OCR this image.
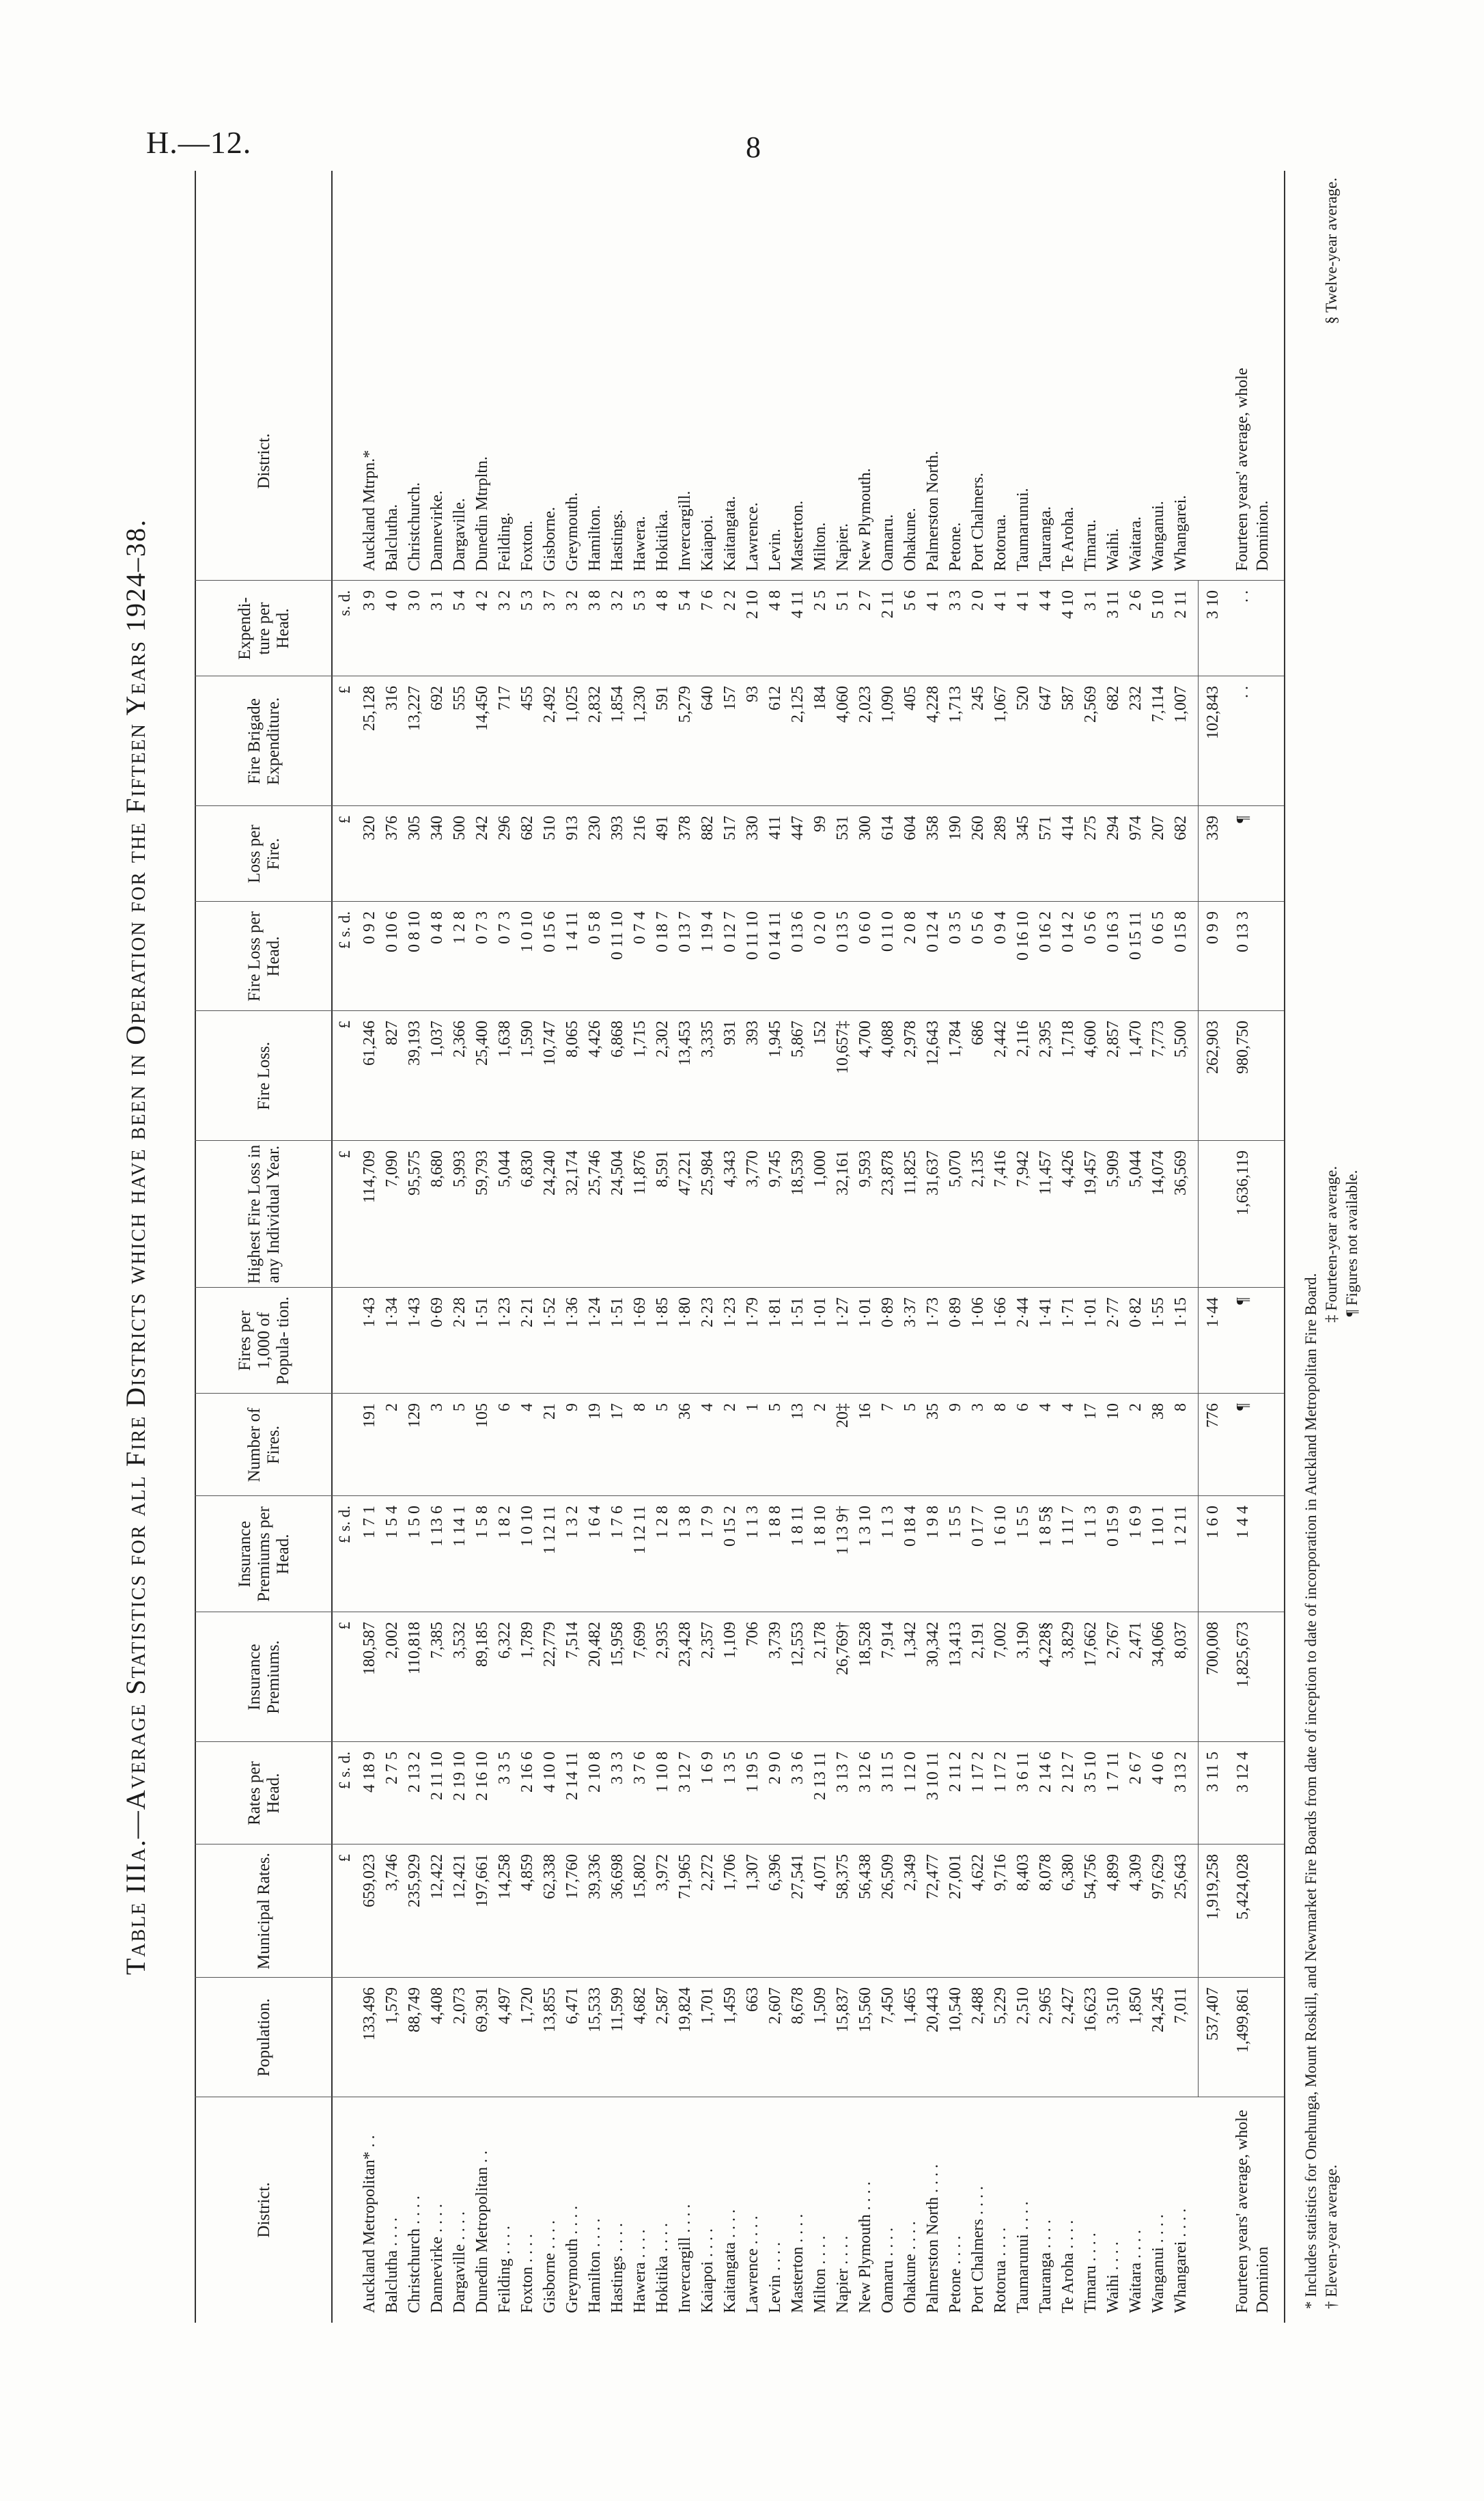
H.—12.	8
Table IIIa.—Average Statistics for all Fire Districts which have been in Operation for the Fifteen Years 1924–38.
District.
Population.
Municipal Rates.
Rates per Head.
Insurance Premiums.
Insurance Premiums per Head.
Number of Fires.
Fires per 1,000 of Popula- tion.
Highest Fire Loss in any Individual Year.
Fire Loss.
Fire Loss per Head.
Loss per Fire.
Fire Brigade Expenditure.
Expendi- ture per Head.
District.
£
£ s. d.
£
£ s. d.
£
£
£ s. d.
£
£
s. d.
Auckland Metropolitan* . .
133,496
659,023
4 18 9
180,587
1 7 1
191
1·43
114,709
61,246
0 9 2
320
25,128
3 9
Auckland Mtrpn.*
Balclutha . . . .
1,579
3,746
2 7 5
2,002
1 5 4
2
1·34
7,090
827
0 10 6
376
316
4 0
Balclutha.
Christchurch . . . .
88,749
235,929
2 13 2
110,818
1 5 0
129
1·43
95,575
39,193
0 8 10
305
13,227
3 0
Christchurch.
Dannevirke . . . .
4,408
12,422
2 11 10
7,385
1 13 6
3
0·69
8,680
1,037
0 4 8
340
692
3 1
Dannevirke.
Dargaville . . . .
2,073
12,421
2 19 10
3,532
1 14 1
5
2·28
5,993
2,366
1 2 8
500
555
5 4
Dargaville.
Dunedin Metropolitan . .
69,391
197,661
2 16 10
89,185
1 5 8
105
1·51
59,793
25,400
0 7 3
242
14,450
4 2
Dunedin Mtrpltn.
Feilding . . . .
4,497
14,258
3 3 5
6,322
1 8 2
6
1·23
5,044
1,638
0 7 3
296
717
3 2
Feilding.
Foxton . . . .
1,720
4,859
2 16 6
1,789
1 0 10
4
2·21
6,830
1,590
1 0 10
682
455
5 3
Foxton.
Gisborne . . . .
13,855
62,338
4 10 0
22,779
1 12 11
21
1·52
24,240
10,747
0 15 6
510
2,492
3 7
Gisborne.
Greymouth . . . .
6,471
17,760
2 14 11
7,514
1 3 2
9
1·36
32,174
8,065
1 4 11
913
1,025
3 2
Greymouth.
Hamilton . . . .
15,533
39,336
2 10 8
20,482
1 6 4
19
1·24
25,746
4,426
0 5 8
230
2,832
3 8
Hamilton.
Hastings . . . .
11,599
36,698
3 3 3
15,958
1 7 6
17
1·51
24,504
6,868
0 11 10
393
1,854
3 2
Hastings.
Hawera . . . .
4,682
15,802
3 7 6
7,699
1 12 11
8
1·69
11,876
1,715
0 7 4
216
1,230
5 3
Hawera.
Hokitika . . . .
2,587
3,972
1 10 8
2,935
1 2 8
5
1·85
8,591
2,302
0 18 7
491
591
4 8
Hokitika.
Invercargill . . . .
19,824
71,965
3 12 7
23,428
1 3 8
36
1·80
47,221
13,453
0 13 7
378
5,279
5 4
Invercargill.
Kaiapoi . . . .
1,701
2,272
1 6 9
2,357
1 7 9
4
2·23
25,984
3,335
1 19 4
882
640
7 6
Kaiapoi.
Kaitangata . . . .
1,459
1,706
1 3 5
1,109
0 15 2
2
1·23
4,343
931
0 12 7
517
157
2 2
Kaitangata.
Lawrence . . . .
663
1,307
1 19 5
706
1 1 3
1
1·79
3,770
393
0 11 10
330
93
2 10
Lawrence.
Levin . . . .
2,607
6,396
2 9 0
3,739
1 8 8
5
1·81
9,745
1,945
0 14 11
411
612
4 8
Levin.
Masterton . . . .
8,678
27,541
3 3 6
12,553
1 8 11
13
1·51
18,539
5,867
0 13 6
447
2,125
4 11
Masterton.
Milton . . . .
1,509
4,071
2 13 11
2,178
1 8 10
2
1·01
1,000
152
0 2 0
99
184
2 5
Milton.
Napier . . . .
15,837
58,375
3 13 7
26,769†
1 13 9†
20‡
1·27
32,161
10,657‡
0 13 5
531
4,060
5 1
Napier.
New Plymouth . . . .
15,560
56,438
3 12 6
18,528
1 3 10
16
1·01
9,593
4,700
0 6 0
300
2,023
2 7
New Plymouth.
Oamaru . . . .
7,450
26,509
3 11 5
7,914
1 1 3
7
0·89
23,878
4,088
0 11 0
614
1,090
2 11
Oamaru.
Ohakune . . . .
1,465
2,349
1 12 0
1,342
0 18 4
5
3·37
11,825
2,978
2 0 8
604
405
5 6
Ohakune.
Palmerston North . . . .
20,443
72,477
3 10 11
30,342
1 9 8
35
1·73
31,637
12,643
0 12 4
358
4,228
4 1
Palmerston North.
Petone . . . .
10,540
27,001
2 11 2
13,413
1 5 5
9
0·89
5,070
1,784
0 3 5
190
1,713
3 3
Petone.
Port Chalmers . . . .
2,488
4,622
1 17 2
2,191
0 17 7
3
1·06
2,135
686
0 5 6
260
245
2 0
Port Chalmers.
Rotorua . . . .
5,229
9,716
1 17 2
7,002
1 6 10
8
1·66
7,416
2,442
0 9 4
289
1,067
4 1
Rotorua.
Taumarunui . . . .
2,510
8,403
3 6 11
3,190
1 5 5
6
2·44
7,942
2,116
0 16 10
345
520
4 1
Taumarunui.
Tauranga . . . .
2,965
8,078
2 14 6
4,228§
1 8 5§
4
1·41
11,457
2,395
0 16 2
571
647
4 4
Tauranga.
Te Aroha . . . .
2,427
6,380
2 12 7
3,829
1 11 7
4
1·71
4,426
1,718
0 14 2
414
587
4 10
Te Aroha.
Timaru . . . .
16,623
54,756
3 5 10
17,662
1 1 3
17
1·01
19,457
4,600
0 5 6
275
2,569
3 1
Timaru.
Waihi . . . .
3,510
4,899
1 7 11
2,767
0 15 9
10
2·77
5,909
2,857
0 16 3
294
682
3 11
Waihi.
Waitara . . . .
1,850
4,309
2 6 7
2,471
1 6 9
2
0·82
5,044
1,470
0 15 11
974
232
2 6
Waitara.
Wanganui . . . .
24,245
97,629
4 0 6
34,066
1 10 1
38
1·55
14,074
7,773
0 6 5
207
7,114
5 10
Wanganui.
Whangarei . . . .
7,011
25,643
3 13 2
8,037
1 2 11
8
1·15
36,569
5,500
0 15 8
682
1,007
2 11
Whangarei.
537,407
1,919,258
3 11 5
700,008
1 6 0
776
1·44
262,903
0 9 9
339
102,843
3 10
Fourteen years' average, whole Dominion
1,499,861
5,424,028
3 12 4
1,825,673
1 4 4
¶
¶
1,636,119
980,750
0 13 3
¶
. .
. .
Fourteen years' average, whole Dominion.
* Includes statistics for Onehunga, Mount Roskill, and Newmarket Fire Boards from date of inception to date of incorporation in Auckland Metropolitan Fire Board. † Eleven-year average.
‡ Fourteen-year average.
§ Twelve-year average.
¶ Figures not available.
